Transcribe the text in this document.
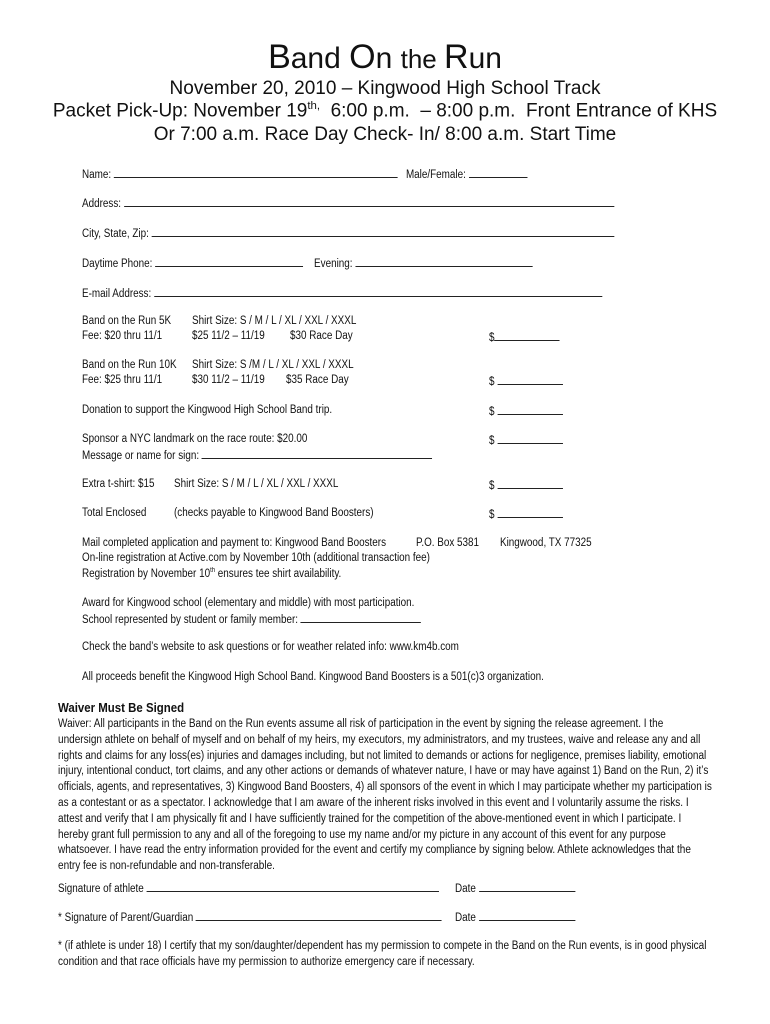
Band On the Run
November 20, 2010 – Kingwood High School Track
Packet Pick-Up: November $19^{th,}$  6:00 p.m.  – 8:00 p.m.  Front Entrance of KHS
Or 7:00 a.m. Race Day Check- In/ 8:00 a.m. Start Time
Name:	Male/Female:
Address:
City, State, Zip:
Daytime Phone:	Evening:
E-mail Address:
Band on the Run 5K Shirt Size: S / M / L / XL / XXL / XXXL
Fee: $20 thru 11/1	$25 11/2 – 11/19 $30 Race Day	$
Band on the Run 10K Shirt Size: S /M / L / XL / XXL / XXXL
Fee: $25 thru 11/1	$30 11/2 – 11/19 $35 Race Day	$
Donation to support the Kingwood High School Band trip.	$
Sponsor a NYC landmark on the race route: $20.00	$
Message or name for sign:
Extra t-shirt: $15 Shirt Size: S / M / L / XL / XXL / XXXL	$
Total Enclosed (checks payable to Kingwood Band Boosters)	$
Mail completed application and payment to: Kingwood Band Boosters	P.O. Box 5381 Kingwood, TX 77325
On-line registration at Active.com by November 10th (additional transaction fee)
Registration by November 10th ensures tee shirt availability.
Award for Kingwood school (elementary and middle) with most participation.
School represented by student or family member:
Check the band’s website to ask questions or for weather related info: www.km4b.com
All proceeds benefit the Kingwood High School Band. Kingwood Band Boosters is a 501(c)3 organization.
Waiver Must Be Signed
Waiver: All participants in the Band on the Run events assume all risk of participation in the event by signing the release agreement. I the
undersign athlete on behalf of myself and on behalf of my heirs, my executors, my administrators, and my trustees, waive and release any and all
rights and claims for any loss(es) injuries and damages including, but not limited to demands or actions for negligence, premises liability, emotional
injury, intentional conduct, tort claims, and any other actions or demands of whatever nature, I have or may have against 1) Band on the Run, 2) it’s
officials, agents, and representatives, 3) Kingwood Band Boosters, 4) all sponsors of the event in which I may participate whether my participation is
as a contestant or as a spectator. I acknowledge that I am aware of the inherent risks involved in this event and I voluntarily assume the risks. I
attest and verify that I am physically fit and I have sufficiently trained for the competition of the above-mentioned event in which I participate. I
hereby grant full permission to any and all of the foregoing to use my name and/or my picture in any account of this event for any purpose
whatsoever. I have read the entry information provided for the event and certify my compliance by signing below. Athlete acknowledges that the
entry fee is non-refundable and non-transferable.
Signature of athlete	Date
* Signature of Parent/Guardian	Date
* (if athlete is under 18) I certify that my son/daughter/dependent has my permission to compete in the Band on the Run events, is in good physical
condition and that race officials have my permission to authorize emergency care if necessary.
